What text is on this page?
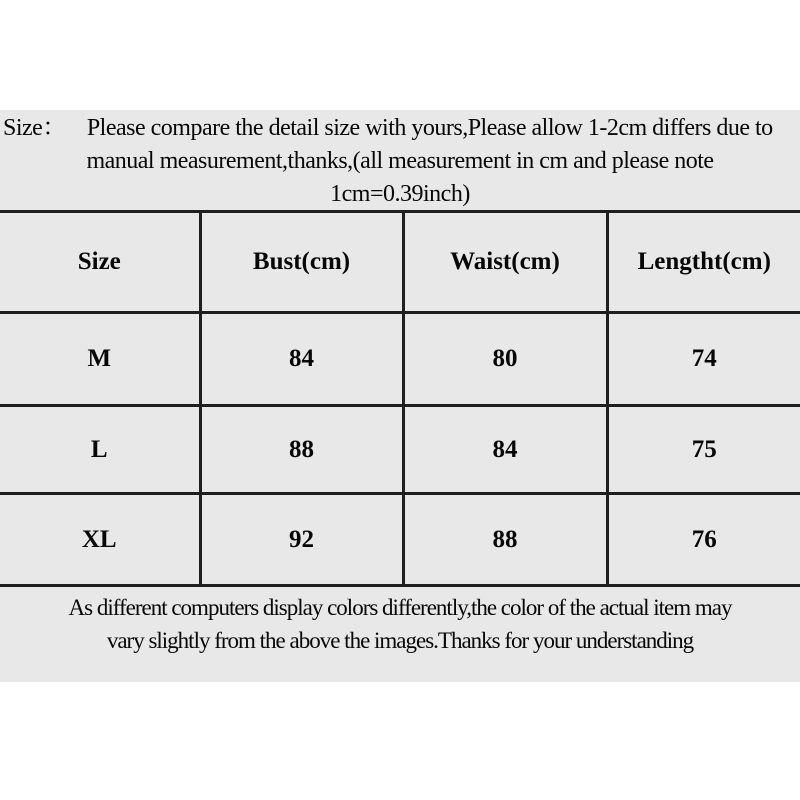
Size： Please compare the detail size with yours,Please allow 1-2cm differs due to
manual measurement,thanks,(all measurement in cm and please note
1cm=0.39inch)
Size	Bust(cm)	Waist(cm)	Lengtht(cm)
M	84	80	74
L	88	84	75
XL	92	88	76
As different computers display colors differently,the color of the actual item may
vary slightly from the above the images.Thanks for your understanding
